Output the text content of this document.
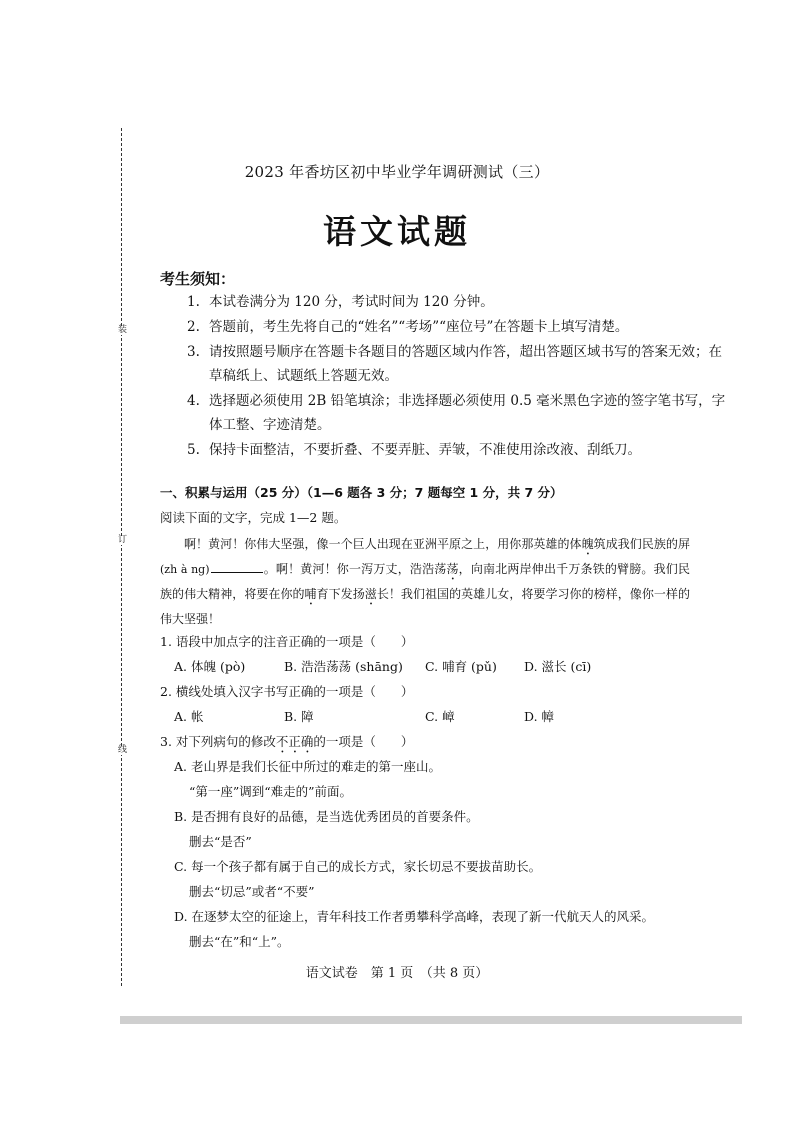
装
订
线
2023 年香坊区初中毕业学年调研测试（三）
语文试题
考生须知：
1. 本试卷满分为 120 分，考试时间为 120 分钟。
2. 答题前，考生先将自己的“姓名”“考场”“座位号”在答题卡上填写清楚。
3. 请按照题号顺序在答题卡各题目的答题区域内作答，超出答题区域书写的答案无效；在草稿纸上、试题纸上答题无效。
4. 选择题必须使用 2B 铅笔填涂；非选择题必须使用 0.5 毫米黑色字迹的签字笔书写，字体工整、字迹清楚。
5. 保持卡面整洁，不要折叠、不要弄脏、弄皱，不准使用涂改液、刮纸刀。
一、积累与运用（25 分）（1—6 题各 3 分；7 题每空 1 分，共 7 分）
阅读下面的文字，完成 1—2 题。

啊！黄河！你伟大坚强，像一个巨人出现在亚洲平原之上，用你那英雄的体魄筑成我们民族的屏(zh à ng)	。啊！黄河！你一泻万丈，浩浩荡荡，向南北两岸伸出千万条铁的臂膀。我们民族的伟大精神，将要在你的哺育下发扬滋长！我们祖国的英雄儿女，将要学习你的榜样，像你一样的伟大坚强！

1. 语段中加点字的注音正确的一项是（　　）
A. 体魄 (pò)	B. 浩浩荡荡 (shāng) C. 哺育 (pǔ) D. 滋长 (cī)
2. 横线处填入汉字书写正确的一项是（　　）
A. 帐	B. 障	C. 嶂	D. 幛
3. 对下列病句的修改不正确的一项是（　　）
A. 老山界是我们长征中所过的难走的第一座山。
“第一座”调到“难走的”前面。
B. 是否拥有良好的品德，是当选优秀团员的首要条件。
删去“是否”
C. 每一个孩子都有属于自己的成长方式，家长切忌不要拔苗助长。
删去“切忌”或者“不要”
D. 在逐梦太空的征途上，青年科技工作者勇攀科学高峰，表现了新一代航天人的风采。
删去“在”和“上”。
语文试卷　第 1 页　（共 8 页）
